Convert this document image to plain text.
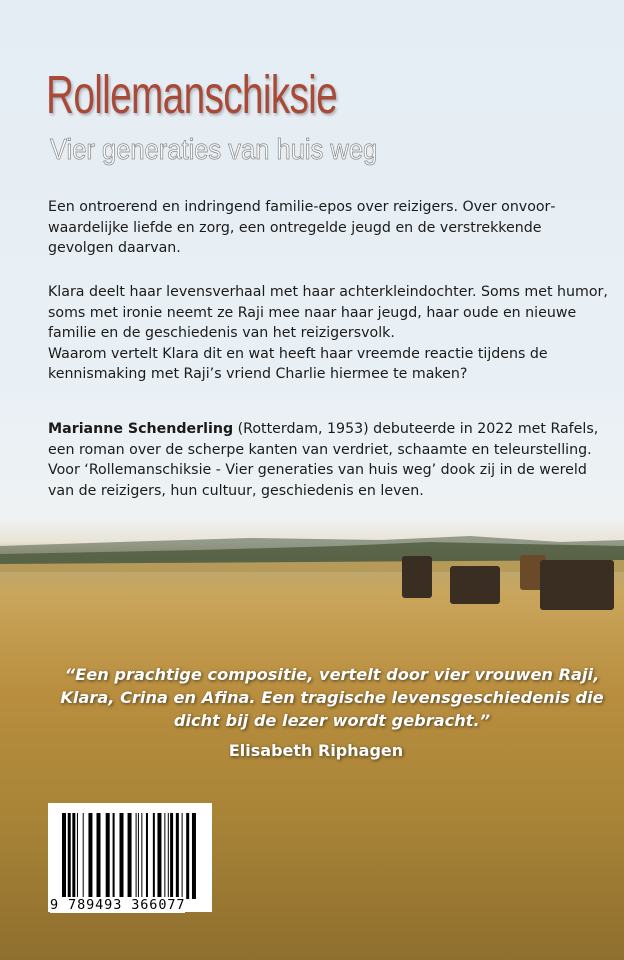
Rollemanschiksie
Vier generaties van huis weg
Een ontroerend en indringend familie-epos over reizigers. Over onvoorwaardelijke liefde en zorg, een ontregelde jeugd en de verstrekkende gevolgen daarvan.
Klara deelt haar levensverhaal met haar achterkleindochter. Soms met humor, soms met ironie neemt ze Raji mee naar haar jeugd, haar oude en nieuwe familie en de geschiedenis van het reizigersvolk.
Waarom vertelt Klara dit en wat heeft haar vreemde reactie tijdens de kennismaking met Raji’s vriend Charlie hiermee te maken?
Marianne Schenderling (Rotterdam, 1953) debuteerde in 2022 met Rafels, een roman over de scherpe kanten van verdriet, schaamte en teleurstelling. Voor ‘Rollemanschiksie - Vier generaties van huis weg’ dook zij in de wereld van de reizigers, hun cultuur, geschiedenis en leven.
“Een prachtige compositie, vertelt door vier vrouwen Raji, Klara, Crina en Afina. Een tragische levensgeschiedenis die dicht bij de lezer wordt gebracht.”
Elisabeth Riphagen
9 789493 366077
